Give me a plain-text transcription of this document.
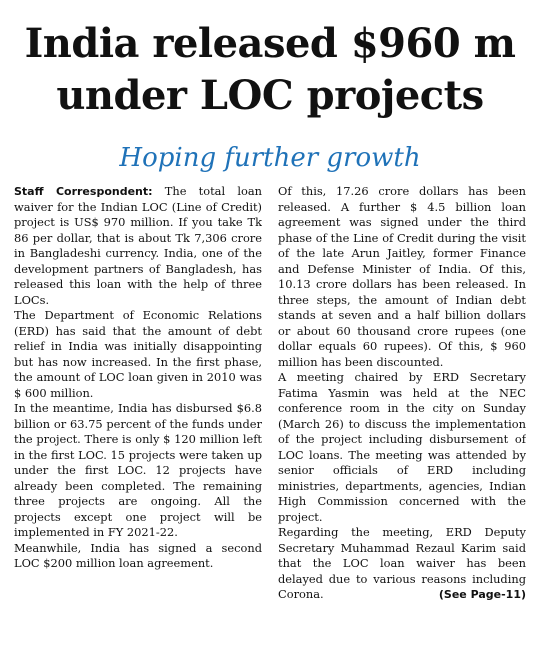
India released $960 m
under LOC projects
Hoping further growth

Staff Correspondent: The total loan waiver for the Indian LOC (Line of Credit) project is US$ 970 million. If you take Tk 86 per dollar, that is about Tk 7,306 crore in Bangladeshi currency. India, one of the development partners of Bangladesh, has released this loan with the help of three LOCs.

The Department of Economic Relations (ERD) has said that the amount of debt relief in India was initially disappointing but has now increased. In the first phase, the amount of LOC loan given in 2010 was $ 600 million.

In the meantime, India has disbursed $6.8 billion or 63.75 percent of the funds under the project. There is only $ 120 million left in the first LOC. 15 projects were taken up under the first LOC. 12 projects have already been completed. The remaining three projects are ongoing. All the projects except one project will be implemented in FY 2021-22.

Meanwhile, India has signed a second LOC $200 million loan agreement.

Of this, 17.26 crore dollars has been released. A further $ 4.5 billion loan agreement was signed under the third phase of the Line of Credit during the visit of the late Arun Jaitley, former Finance and Defense Minister of India. Of this, 10.13 crore dollars has been released. In three steps, the amount of Indian debt stands at seven and a half billion dollars or about 60 thousand crore rupees (one dollar equals 60 rupees). Of this, $ 960 million has been discounted.

A meeting chaired by ERD Secretary Fatima Yasmin was held at the NEC conference room in the city on Sunday (March 26) to discuss the implementation of the project including disbursement of LOC loans. The meeting was attended by senior officials of ERD including ministries, departments, agencies, Indian High Commission concerned with the project.

Regarding the meeting, ERD Deputy Secretary Muhammad Rezaul Karim said that the LOC loan waiver has been delayed due to various reasons including Corona.	(See Page-11)
